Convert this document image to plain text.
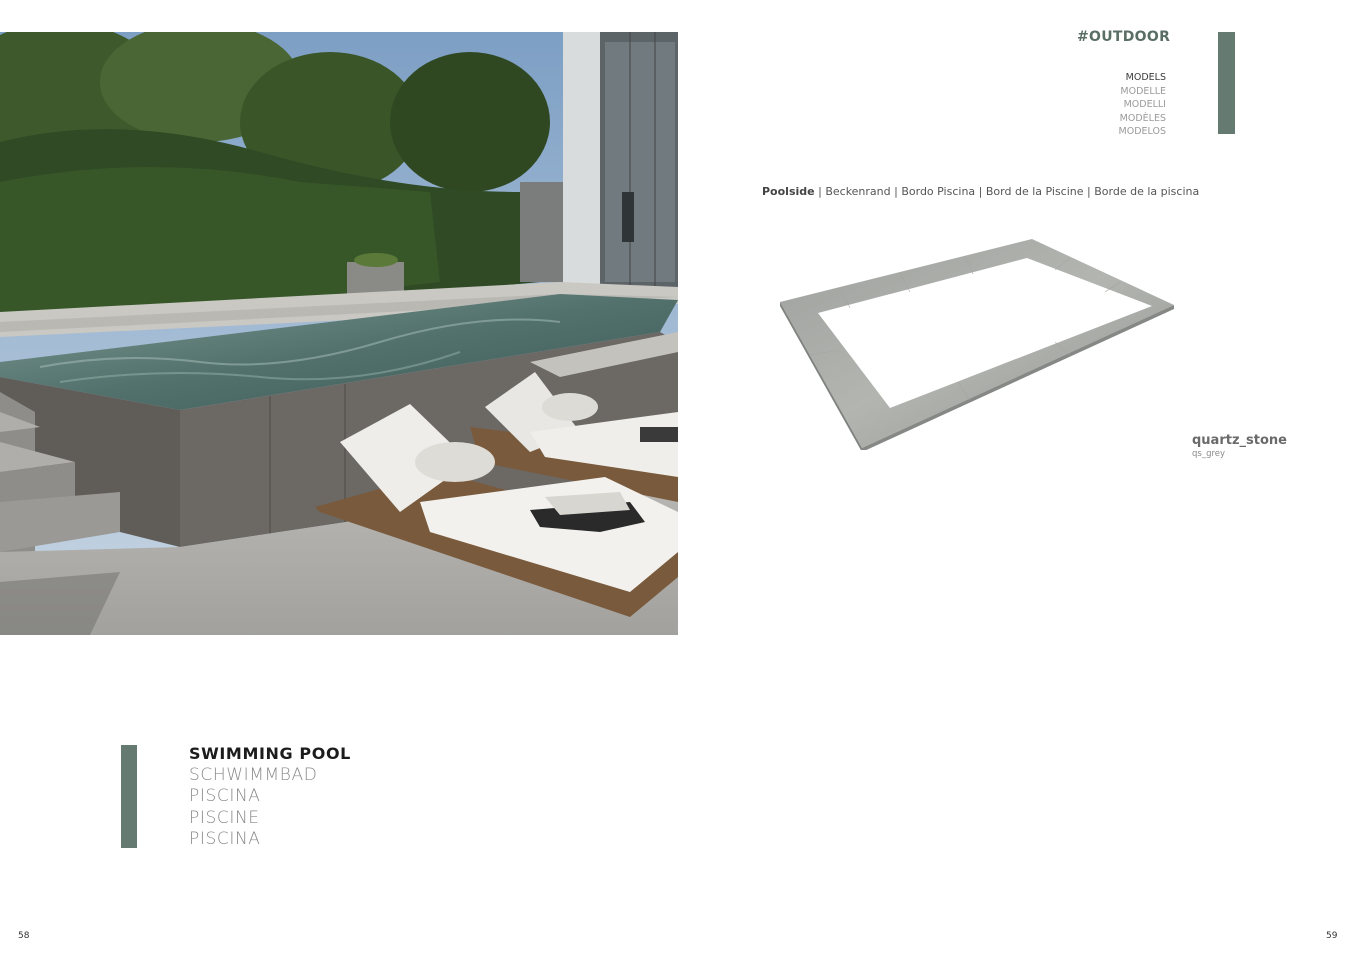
#OUTDOOR
MODELS
MODELLE
MODELLI
MODÈLES
MODELOS
Poolside | Beckenrand | Bordo Piscina | Bord de la Piscine | Borde de la piscina
quartz_stone
qs_grey
SWIMMING POOL
SCHWIMMBAD
PISCINA
PISCINE
PISCINA
58	59
